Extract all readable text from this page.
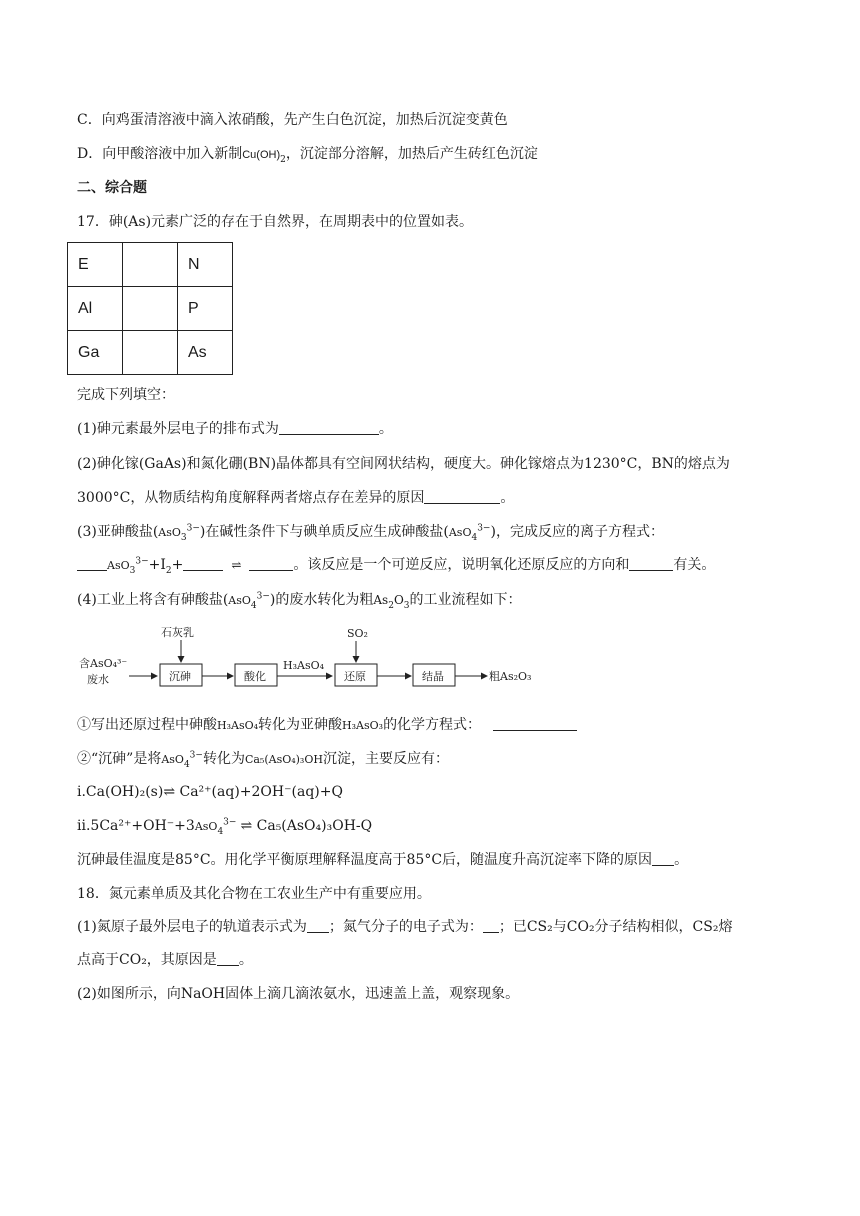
C．向鸡蛋清溶液中滴入浓硝酸，先产生白色沉淀，加热后沉淀变黄色
D．向甲酸溶液中加入新制$Cu(OH)_2$，沉淀部分溶解，加热后产生砖红色沉淀
二、综合题
17．砷(As)元素广泛的存在于自然界，在周期表中的位置如表。
E		N
Al		P
Ga		As
完成下列填空：
(1)砷元素最外层电子的排布式为	。
(2)砷化镓(GaAs)和氮化硼(BN)晶体都具有空间网状结构，硬度大。砷化镓熔点为1230°C，BN的熔点为
3000°C，从物质结构角度解释两者熔点存在差异的原因	。
(3)亚砷酸盐(AsO$_3^{3-}$)在碱性条件下与碘单质反应生成砷酸盐(AsO$_4^{3-}$)，完成反应的离子方程式：
$AsO_3^{3-}+I_2+$	⇌	。该反应是一个可逆反应，说明氧化还原反应的方向和	有关。
(4)工业上将含有砷酸盐(AsO$_4^{3-}$)的废水转化为粗$As_2O_3$的工业流程如下：
含AsO₄³⁻
废水
石灰乳
沉砷	酸化
H₃AsO₄
SO₂
还原	结晶	粗As₂O₃
①写出还原过程中砷酸H₃AsO₄转化为亚砷酸H₃AsO₃的化学方程式：
②“沉砷”是将AsO$_4^{3-}$转化为Ca₅(AsO₄)₃OH沉淀，主要反应有：
i.Ca(OH)₂(s)⇌ Ca²⁺(aq)+2OH⁻(aq)+Q
ii.5Ca²⁺+OH⁻+3AsO$_4^{3-}$ ⇌ Ca₅(AsO₄)₃OH-Q
沉砷最佳温度是85°C。用化学平衡原理解释温度高于85°C后，随温度升高沉淀率下降的原因 。
18．氮元素单质及其化合物在工农业生产中有重要应用。
(1)氮原子最外层电子的轨道表示式为 ；氮气分子的电子式为： ；已CS₂与CO₂分子结构相似，CS₂熔
点高于CO₂，其原因是 。
(2)如图所示，向NaOH固体上滴几滴浓氨水，迅速盖上盖，观察现象。
